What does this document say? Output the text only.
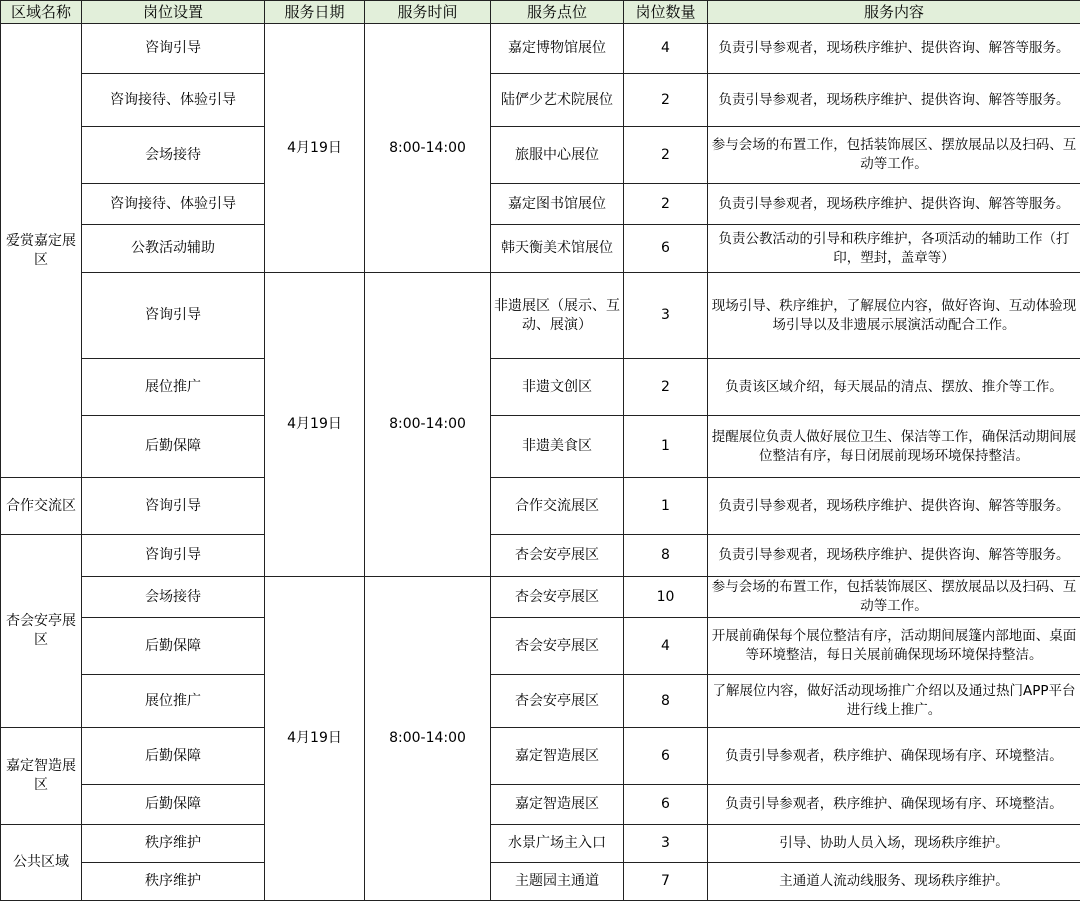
区域名称	岗位设置	服务日期	服务时间	服务点位	岗位数量	服务内容
爱赏嘉定展区	咨询引导	4月19日	8:00-14:00	嘉定博物馆展位	4	负责引导参观者，现场秩序维护、提供咨询、解答等服务。
	咨询接待、体验引导			陆俨少艺术院展位	2	负责引导参观者，现场秩序维护、提供咨询、解答等服务。
	会场接待			旅服中心展位	2	参与会场的布置工作，包括装饰展区、摆放展品以及扫码、互动等工作。
	咨询接待、体验引导			嘉定图书馆展位	2	负责引导参观者，现场秩序维护、提供咨询、解答等服务。
	公教活动辅助			韩天衡美术馆展位	6	负责公教活动的引导和秩序维护，各项活动的辅助工作（打印，塑封，盖章等）
	咨询引导	4月19日	8:00-14:00	非遗展区（展示、互动、展演）	3	现场引导、秩序维护，了解展位内容，做好咨询、互动体验现场引导以及非遗展示展演活动配合工作。
	展位推广			非遗文创区	2	负责该区域介绍，每天展品的清点、摆放、推介等工作。
	后勤保障			非遗美食区	1	提醒展位负责人做好展位卫生、保洁等工作，确保活动期间展位整洁有序，每日闭展前现场环境保持整洁。
合作交流区	咨询引导			合作交流展区	1	负责引导参观者，现场秩序维护、提供咨询、解答等服务。
杏会安亭展区	咨询引导			杏会安亭展区	8	负责引导参观者，现场秩序维护、提供咨询、解答等服务。
	会场接待	4月19日	8:00-14:00	杏会安亭展区	10	参与会场的布置工作，包括装饰展区、摆放展品以及扫码、互动等工作。
	后勤保障			杏会安亭展区	4	开展前确保每个展位整洁有序，活动期间展篷内部地面、桌面等环境整洁，每日关展前确保现场环境保持整洁。
	展位推广			杏会安亭展区	8	了解展位内容，做好活动现场推广介绍以及通过热门APP平台进行线上推广。
嘉定智造展区	后勤保障			嘉定智造展区	6	负责引导参观者，秩序维护、确保现场有序、环境整洁。
	后勤保障			嘉定智造展区	6	负责引导参观者，秩序维护、确保现场有序、环境整洁。
公共区域	秩序维护			水景广场主入口	3	引导、协助人员入场，现场秩序维护。
	秩序维护			主题园主通道	7	主通道人流动线服务、现场秩序维护。
